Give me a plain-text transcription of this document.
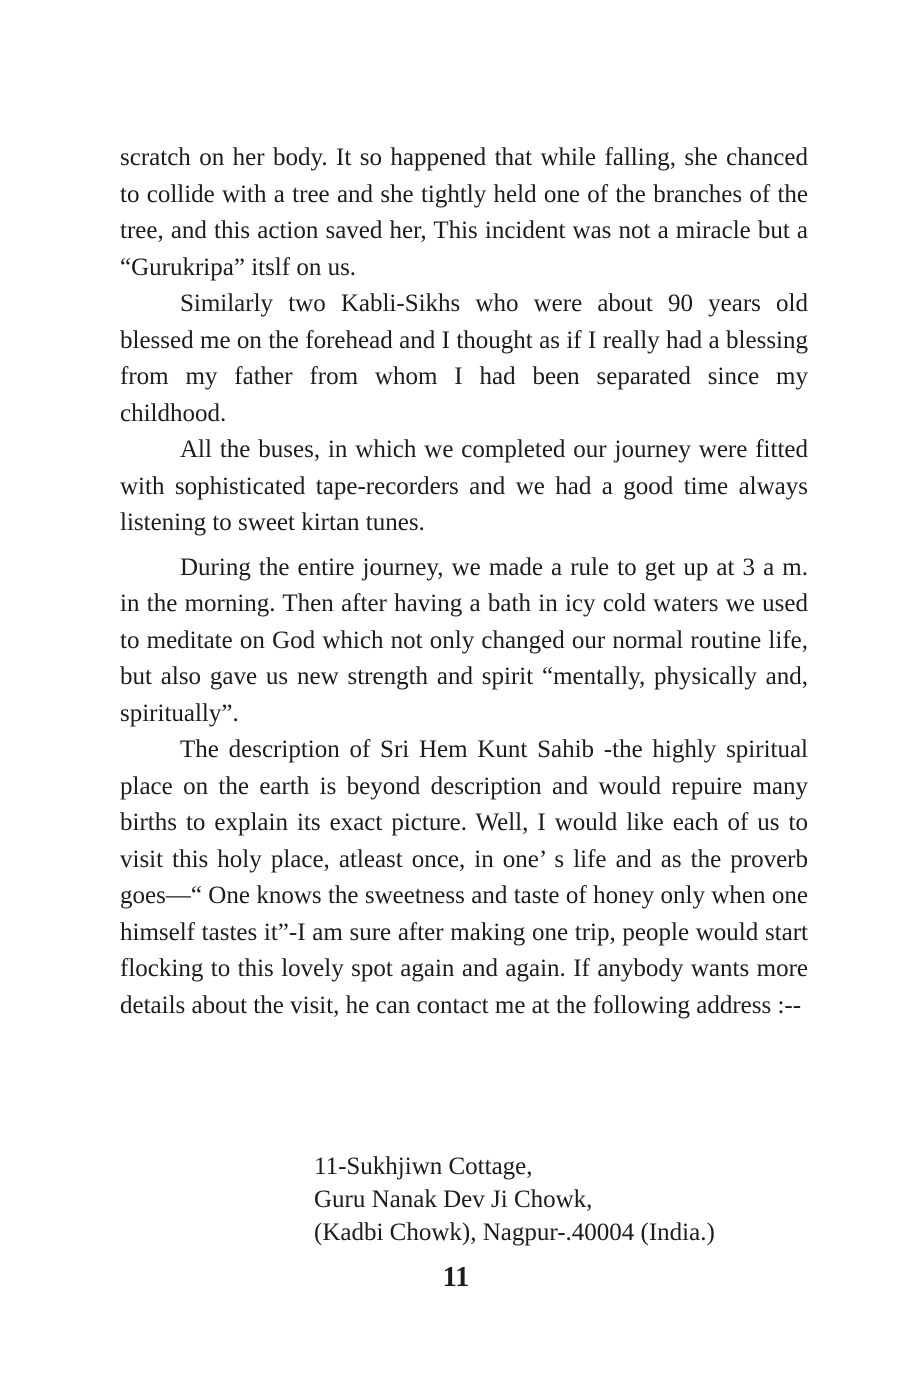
scratch on her body. It so happened that while falling, she chanced to collide with a tree and she tightly held one of the branches of the tree, and this action saved her, This incident was not a miracle but a “Gurukripa” itslf on us.

Similarly two Kabli-Sikhs who were about 90 years old blessed me on the forehead and I thought as if I really had a blessing from my father from whom I had been separated since my childhood.

All the buses, in which we completed our journey were fitted with sophisticated tape-recorders and we had a good time always listening to sweet kirtan tunes.

During the entire journey, we made a rule to get up at 3 a m. in the morning. Then after having a bath in icy cold waters we used to meditate on God which not only changed our normal routine life, but also gave us new strength and spirit “mentally, physically and, spiritually”.

The description of Sri Hem Kunt Sahib -the highly spiritual place on the earth is beyond description and would repuire many births to explain its exact picture. Well, I would like each of us to visit this holy place, atleast once, in one’ s life and as the proverb goes—“ One knows the sweetness and taste of honey only when one himself tastes it”-I am sure after making one trip, people would start flocking to this lovely spot again and again. If anybody wants more details about the visit, he can contact me at the following address :--

11-Sukhjiwn Cottage,
Guru Nanak Dev Ji Chowk,
(Kadbi Chowk), Nagpur-.40004 (India.)
11
